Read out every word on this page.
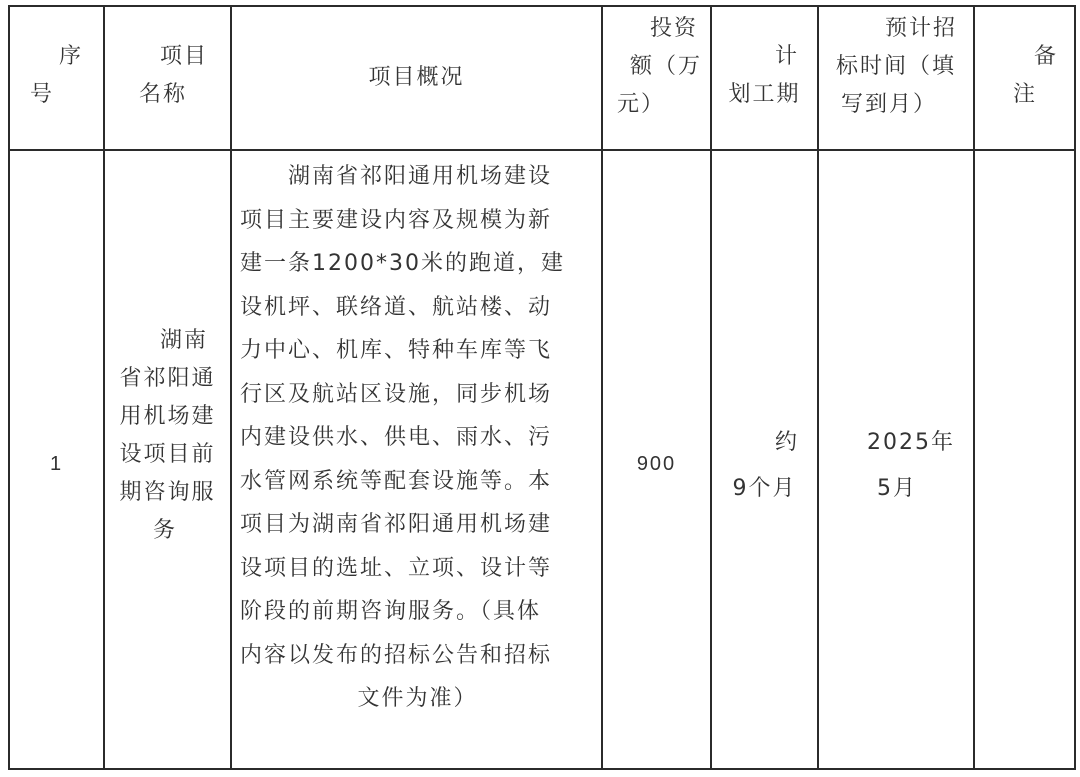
序
号
项目
名称
项目概况
投资
额（万
元）
计
划工期
预计招
标时间（填
写到月）
备
注
1
湖南
省祁阳通
用机场建
设项目前
期咨询服
务
湖南省祁阳通用机场建设
项目主要建设内容及规模为新
建一条1200*30米的跑道，建
设机坪、联络道、航站楼、动
力中心、机库、特种车库等飞
行区及航站区设施，同步机场
内建设供水、供电、雨水、污
水管网系统等配套设施等。本
项目为湖南省祁阳通用机场建
设项目的选址、立项、设计等
阶段的前期咨询服务。（具体
内容以发布的招标公告和招标
文件为准）
900
约
9个月
2025年
5月
